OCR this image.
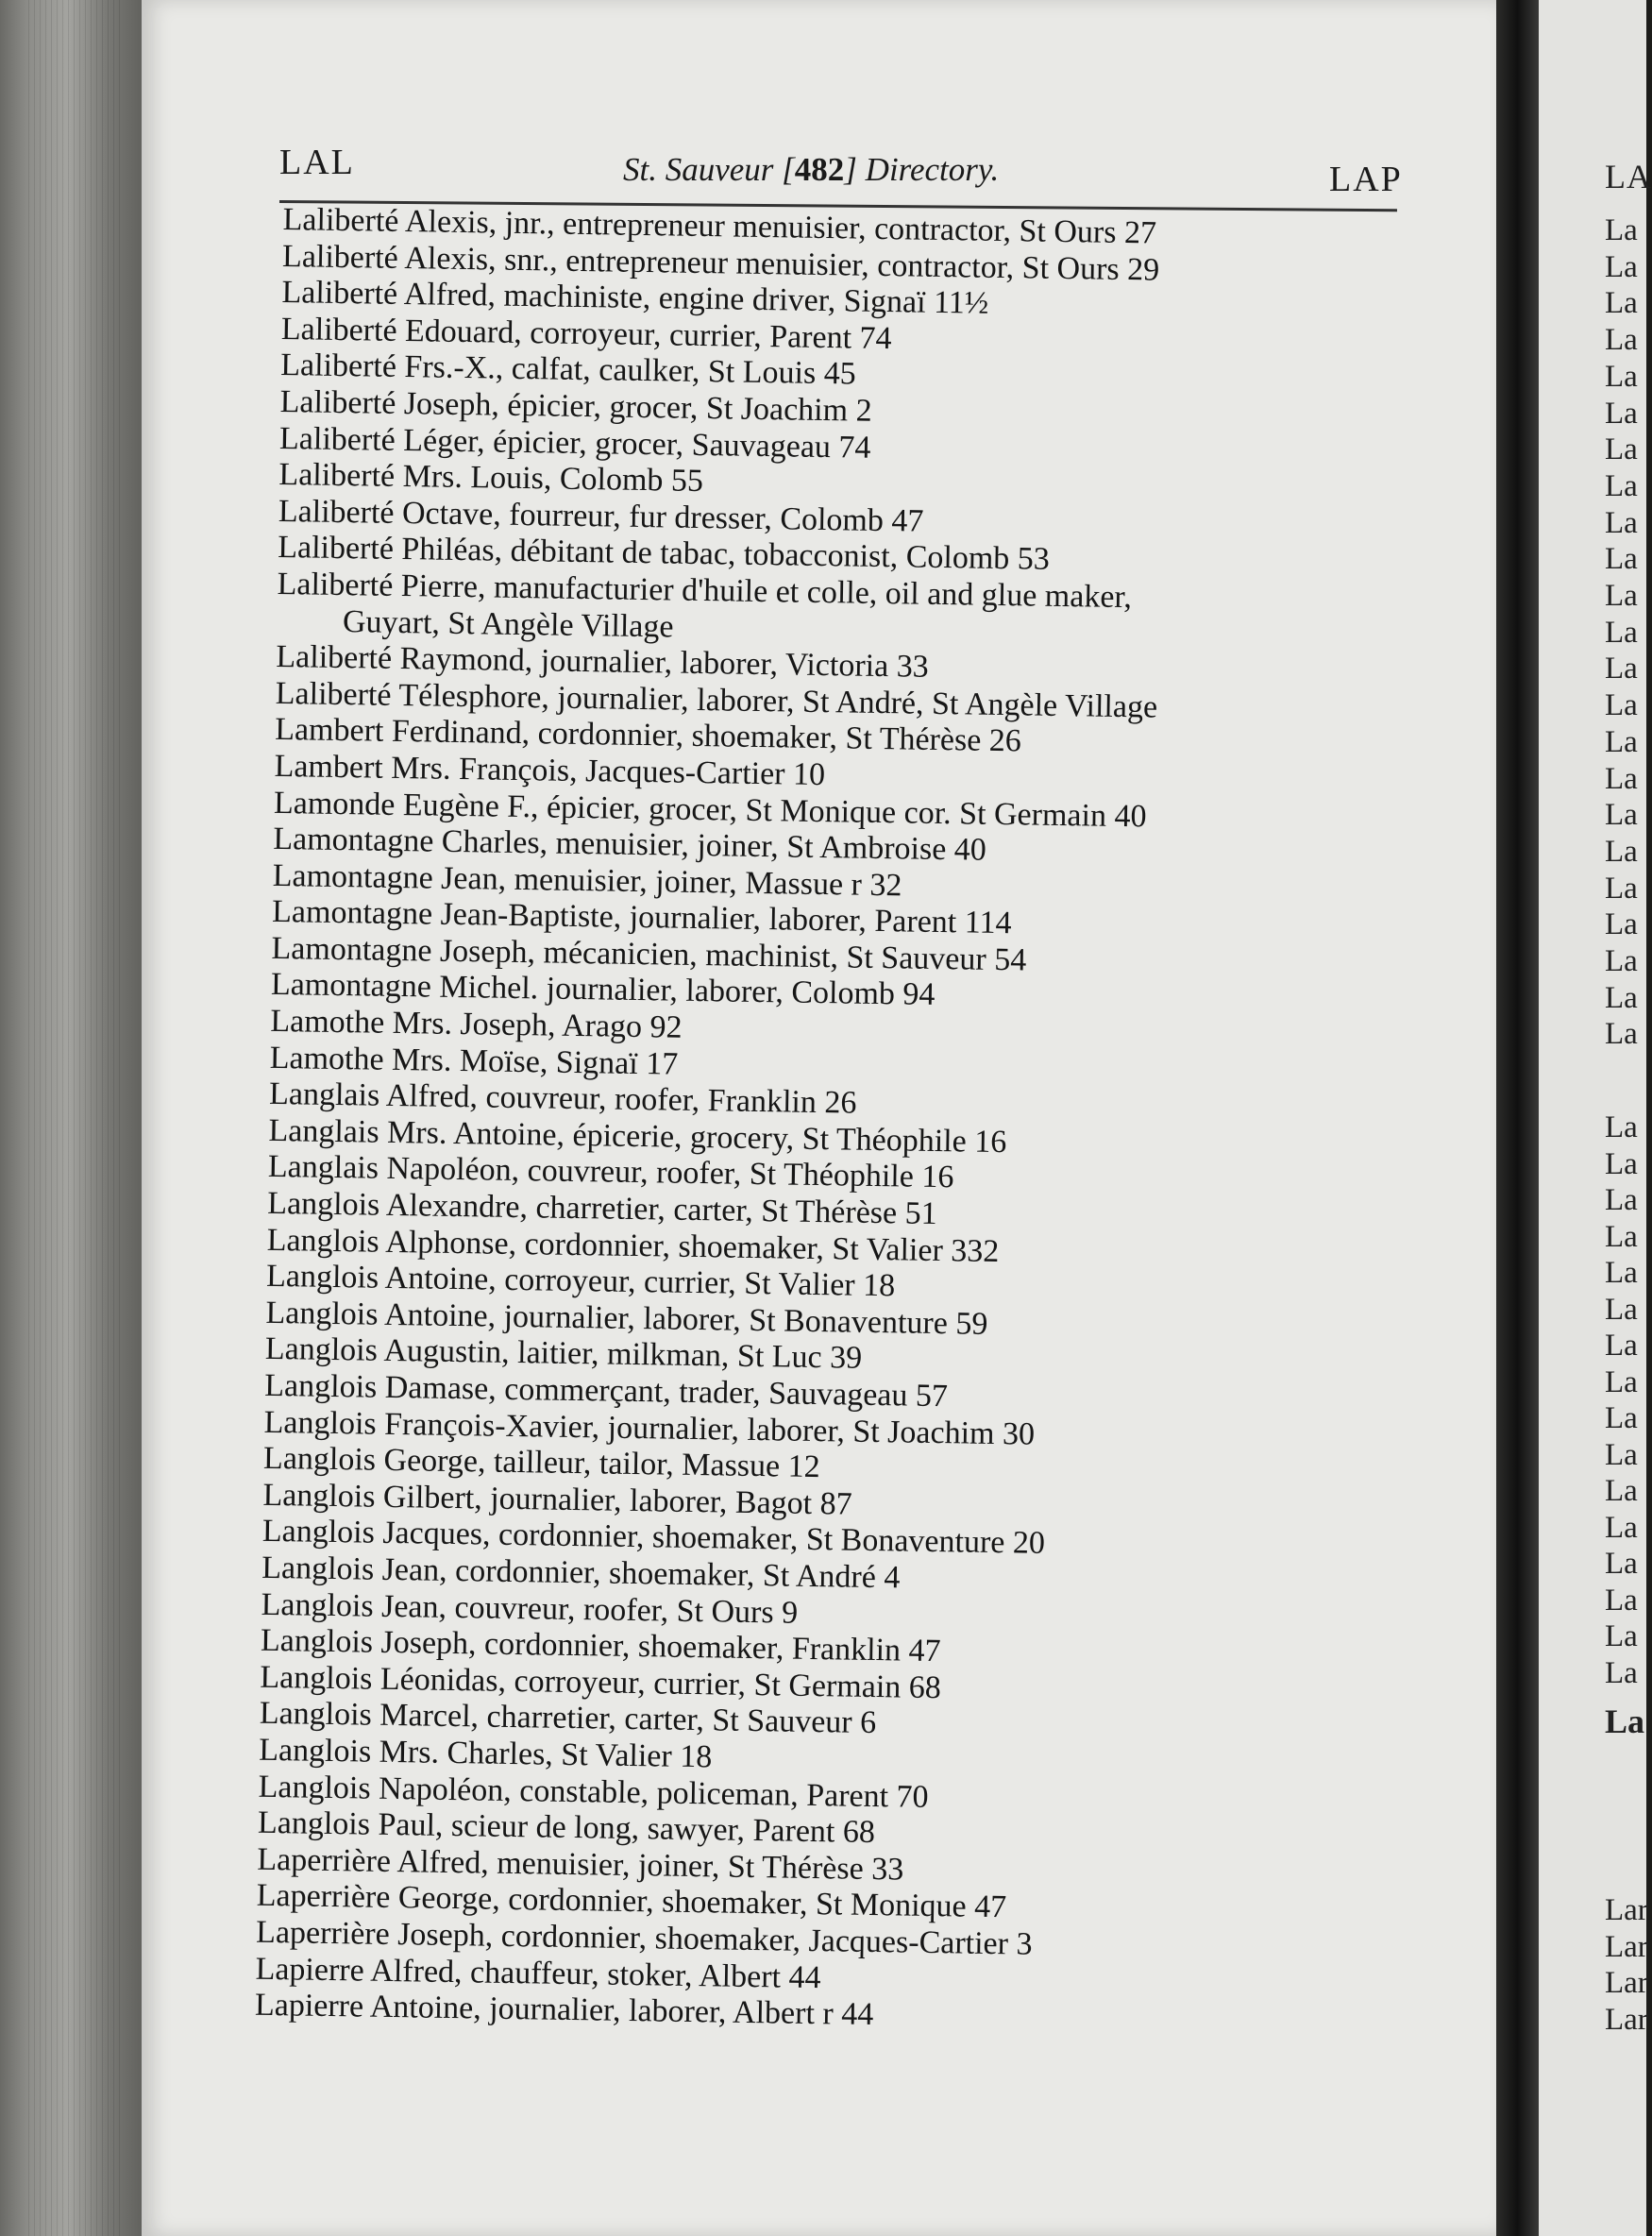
LA
La
La
La
La
La
La
La
La
La
La
La
La
La
La
La
La
La
La
La
La
La
La
La
La
La
La
La
La
La
La
La
La
La
La
La
La
La
La
La
La
Lar
Lar
Lar
Lar
LAL	St. Sauveur [482] Directory.	LAP
Laliberté Alexis, jnr., entrepreneur menuisier, contractor, St Ours 27
Laliberté Alexis, snr., entrepreneur menuisier, contractor, St Ours 29
Laliberté Alfred, machiniste, engine driver, Signaï 11½
Laliberté Edouard, corroyeur, currier, Parent 74
Laliberté Frs.-X., calfat, caulker, St Louis 45
Laliberté Joseph, épicier, grocer, St Joachim 2
Laliberté Léger, épicier, grocer, Sauvageau 74
Laliberté Mrs. Louis, Colomb 55
Laliberté Octave, fourreur, fur dresser, Colomb 47
Laliberté Philéas, débitant de tabac, tobacconist, Colomb 53
Laliberté Pierre, manufacturier d'huile et colle, oil and glue maker,
Guyart, St Angèle Village
Laliberté Raymond, journalier, laborer, Victoria 33
Laliberté Télesphore, journalier, laborer, St André, St Angèle Village
Lambert Ferdinand, cordonnier, shoemaker, St Thérèse 26
Lambert Mrs. François, Jacques-Cartier 10
Lamonde Eugène F., épicier, grocer, St Monique cor. St Germain 40
Lamontagne Charles, menuisier, joiner, St Ambroise 40
Lamontagne Jean, menuisier, joiner, Massue r 32
Lamontagne Jean-Baptiste, journalier, laborer, Parent 114
Lamontagne Joseph, mécanicien, machinist, St Sauveur 54
Lamontagne Michel. journalier, laborer, Colomb 94
Lamothe Mrs. Joseph, Arago 92
Lamothe Mrs. Moïse, Signaï 17
Langlais Alfred, couvreur, roofer, Franklin 26
Langlais Mrs. Antoine, épicerie, grocery, St Théophile 16
Langlais Napoléon, couvreur, roofer, St Théophile 16
Langlois Alexandre, charretier, carter, St Thérèse 51
Langlois Alphonse, cordonnier, shoemaker, St Valier 332
Langlois Antoine, corroyeur, currier, St Valier 18
Langlois Antoine, journalier, laborer, St Bonaventure 59
Langlois Augustin, laitier, milkman, St Luc 39
Langlois Damase, commerçant, trader, Sauvageau 57
Langlois François-Xavier, journalier, laborer, St Joachim 30
Langlois George, tailleur, tailor, Massue 12
Langlois Gilbert, journalier, laborer, Bagot 87
Langlois Jacques, cordonnier, shoemaker, St Bonaventure 20
Langlois Jean, cordonnier, shoemaker, St André 4
Langlois Jean, couvreur, roofer, St Ours 9
Langlois Joseph, cordonnier, shoemaker, Franklin 47
Langlois Léonidas, corroyeur, currier, St Germain 68
Langlois Marcel, charretier, carter, St Sauveur 6
Langlois Mrs. Charles, St Valier 18
Langlois Napoléon, constable, policeman, Parent 70
Langlois Paul, scieur de long, sawyer, Parent 68
Laperrière Alfred, menuisier, joiner, St Thérèse 33
Laperrière George, cordonnier, shoemaker, St Monique 47
Laperrière Joseph, cordonnier, shoemaker, Jacques-Cartier 3
Lapierre Alfred, chauffeur, stoker, Albert 44
Lapierre Antoine, journalier, laborer, Albert r 44
